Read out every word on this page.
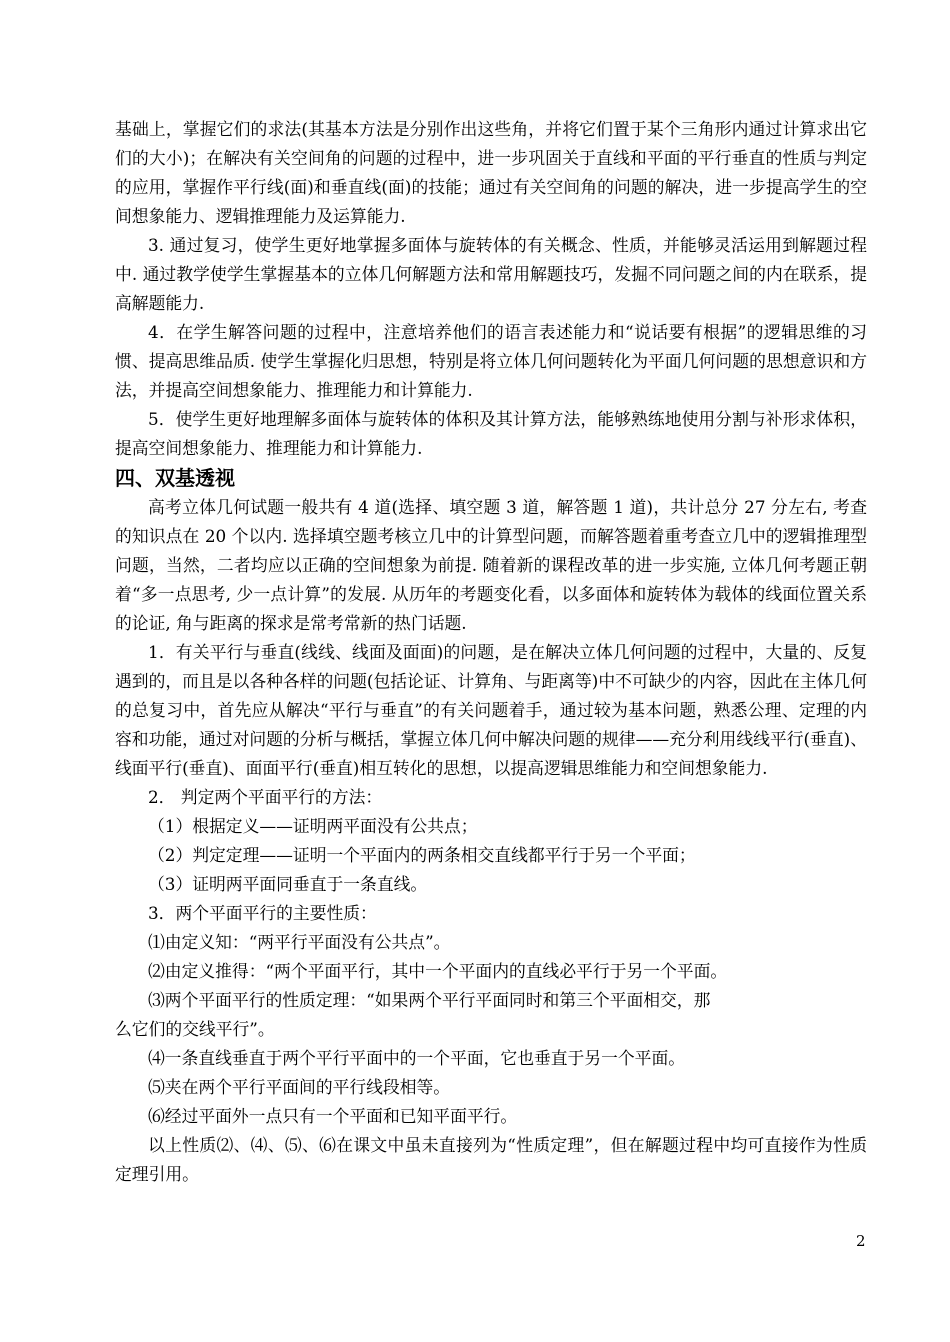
基础上，掌握它们的求法(其基本方法是分别作出这些角，并将它们置于某个三角形内通过计算求出它们的大小)；在解决有关空间角的问题的过程中，进一步巩固关于直线和平面的平行垂直的性质与判定的应用，掌握作平行线(面)和垂直线(面)的技能；通过有关空间角的问题的解决，进一步提高学生的空间想象能力、逻辑推理能力及运算能力.

3. 通过复习，使学生更好地掌握多面体与旋转体的有关概念、性质，并能够灵活运用到解题过程中. 通过教学使学生掌握基本的立体几何解题方法和常用解题技巧，发掘不同问题之间的内在联系，提高解题能力.

4．在学生解答问题的过程中，注意培养他们的语言表述能力和“说话要有根据”的逻辑思维的习惯、提高思维品质. 使学生掌握化归思想，特别是将立体几何问题转化为平面几何问题的思想意识和方法，并提高空间想象能力、推理能力和计算能力.

5．使学生更好地理解多面体与旋转体的体积及其计算方法，能够熟练地使用分割与补形求体积，提高空间想象能力、推理能力和计算能力.

四、双基透视

高考立体几何试题一般共有 4 道(选择、填空题 3 道，解答题 1 道)，共计总分 27 分左右, 考查的知识点在 20 个以内. 选择填空题考核立几中的计算型问题，而解答题着重考查立几中的逻辑推理型问题，当然，二者均应以正确的空间想象为前提. 随着新的课程改革的进一步实施, 立体几何考题正朝着“多一点思考, 少一点计算”的发展. 从历年的考题变化看，以多面体和旋转体为载体的线面位置关系的论证, 角与距离的探求是常考常新的热门话题.

1．有关平行与垂直(线线、线面及面面)的问题，是在解决立体几何问题的过程中，大量的、反复遇到的，而且是以各种各样的问题(包括论证、计算角、与距离等)中不可缺少的内容，因此在主体几何的总复习中，首先应从解决“平行与垂直”的有关问题着手，通过较为基本问题，熟悉公理、定理的内容和功能，通过对问题的分析与概括，掌握立体几何中解决问题的规律——充分利用线线平行(垂直)、线面平行(垂直)、面面平行(垂直)相互转化的思想，以提高逻辑思维能力和空间想象能力.

2． 判定两个平面平行的方法：

（1）根据定义——证明两平面没有公共点；

（2）判定定理——证明一个平面内的两条相交直线都平行于另一个平面；

（3）证明两平面同垂直于一条直线。

3．两个平面平行的主要性质：

⑴由定义知：“两平行平面没有公共点”。

⑵由定义推得：“两个平面平行，其中一个平面内的直线必平行于另一个平面。

⑶两个平面平行的性质定理：“如果两个平行平面同时和第三个平面相交，那

么它们的交线平行”。

⑷一条直线垂直于两个平行平面中的一个平面，它也垂直于另一个平面。

⑸夹在两个平行平面间的平行线段相等。

⑹经过平面外一点只有一个平面和已知平面平行。

以上性质⑵、⑷、⑸、⑹在课文中虽未直接列为“性质定理”，但在解题过程中均可直接作为性质定理引用。

2
